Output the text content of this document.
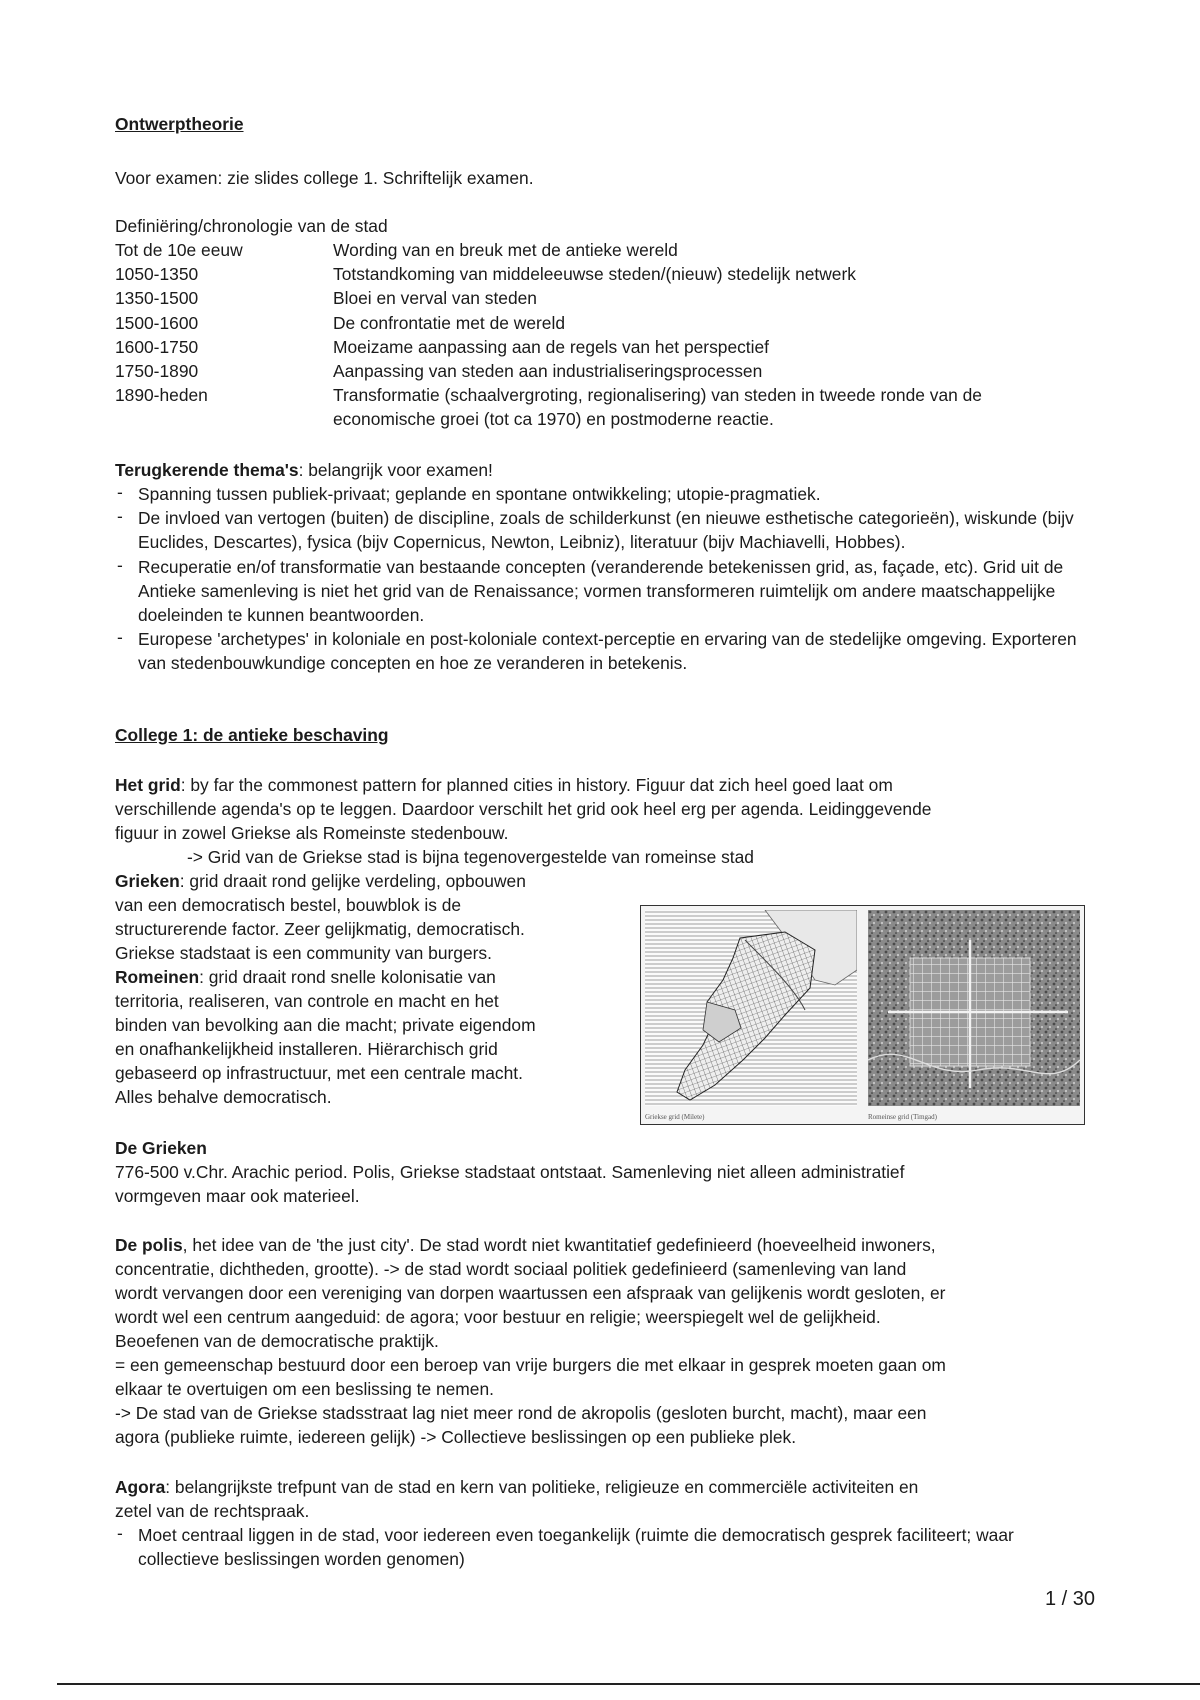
Ontwerptheorie
Voor examen: zie slides college 1. Schriftelijk examen.
Definiëring/chronologie van de stad
Tot de 10e eeuw	Wording van en breuk met de antieke wereld
1050-1350	Totstandkoming van middeleeuwse steden/(nieuw) stedelijk netwerk
1350-1500	Bloei en verval van steden
1500-1600	De confrontatie met de wereld
1600-1750	Moeizame aanpassing aan de regels van het perspectief
1750-1890	Aanpassing van steden aan industrialiseringsprocessen
1890-heden	Transformatie (schaalvergroting, regionalisering) van steden in tweede ronde van de economische groei (tot ca 1970) en postmoderne reactie.
Terugkerende thema's: belangrijk voor examen!
- Spanning tussen publiek-privaat; geplande en spontane ontwikkeling; utopie-pragmatiek.
- De invloed van vertogen (buiten) de discipline, zoals de schilderkunst (en nieuwe esthetische categorieën), wiskunde (bijv Euclides, Descartes), fysica (bijv Copernicus, Newton, Leibniz), literatuur (bijv Machiavelli, Hobbes).
- Recuperatie en/of transformatie van bestaande concepten (veranderende betekenissen grid, as, façade, etc). Grid uit de Antieke samenleving is niet het grid van de Renaissance; vormen transformeren ruimtelijk om andere maatschappelijke doeleinden te kunnen beantwoorden.
- Europese 'archetypes' in koloniale en post-koloniale context-perceptie en ervaring van de stedelijke omgeving. Exporteren van stedenbouwkundige concepten en hoe ze veranderen in betekenis.
College 1: de antieke beschaving
Het grid: by far the commonest pattern for planned cities in history. Figuur dat zich heel goed laat om
verschillende agenda's op te leggen. Daardoor verschilt het grid ook heel erg per agenda. Leidinggevende
figuur in zowel Griekse als Romeinste stedenbouw.
-> Grid van de Griekse stad is bijna tegenovergestelde van romeinse stad
Grieken: grid draait rond gelijke verdeling, opbouwen
van een democratisch bestel, bouwblok is de
structurerende factor. Zeer gelijkmatig, democratisch.
Griekse stadstaat is een community van burgers.
Romeinen: grid draait rond snelle kolonisatie van
territoria, realiseren, van controle en macht en het
binden van bevolking aan die macht; private eigendom
en onafhankelijkheid installeren. Hiërarchisch grid
gebaseerd op infrastructuur, met een centrale macht.
Alles behalve democratisch.
De Grieken
776-500 v.Chr. Arachic period. Polis, Griekse stadstaat ontstaat. Samenleving niet alleen administratief
vormgeven maar ook materieel.
De polis, het idee van de 'the just city'. De stad wordt niet kwantitatief gedefinieerd (hoeveelheid inwoners,
concentratie, dichtheden, grootte). -> de stad wordt sociaal politiek gedefinieerd (samenleving van land
wordt vervangen door een vereniging van dorpen waartussen een afspraak van gelijkenis wordt gesloten, er
wordt wel een centrum aangeduid: de agora; voor bestuur en religie; weerspiegelt wel de gelijkheid.
Beoefenen van de democratische praktijk.
= een gemeenschap bestuurd door een beroep van vrije burgers die met elkaar in gesprek moeten gaan om
elkaar te overtuigen om een beslissing te nemen.
-> De stad van de Griekse stadsstraat lag niet meer rond de akropolis (gesloten burcht, macht), maar een
agora (publieke ruimte, iedereen gelijk) -> Collectieve beslissingen op een publieke plek.
Agora: belangrijkste trefpunt van de stad en kern van politieke, religieuze en commerciële activiteiten en
zetel van de rechtspraak.
- Moet centraal liggen in de stad, voor iedereen even toegankelijk (ruimte die democratisch gesprek faciliteert; waar collectieve beslissingen worden genomen)
Griekse grid (Milete)	Romeinse grid (Timgad)
1 / 30
